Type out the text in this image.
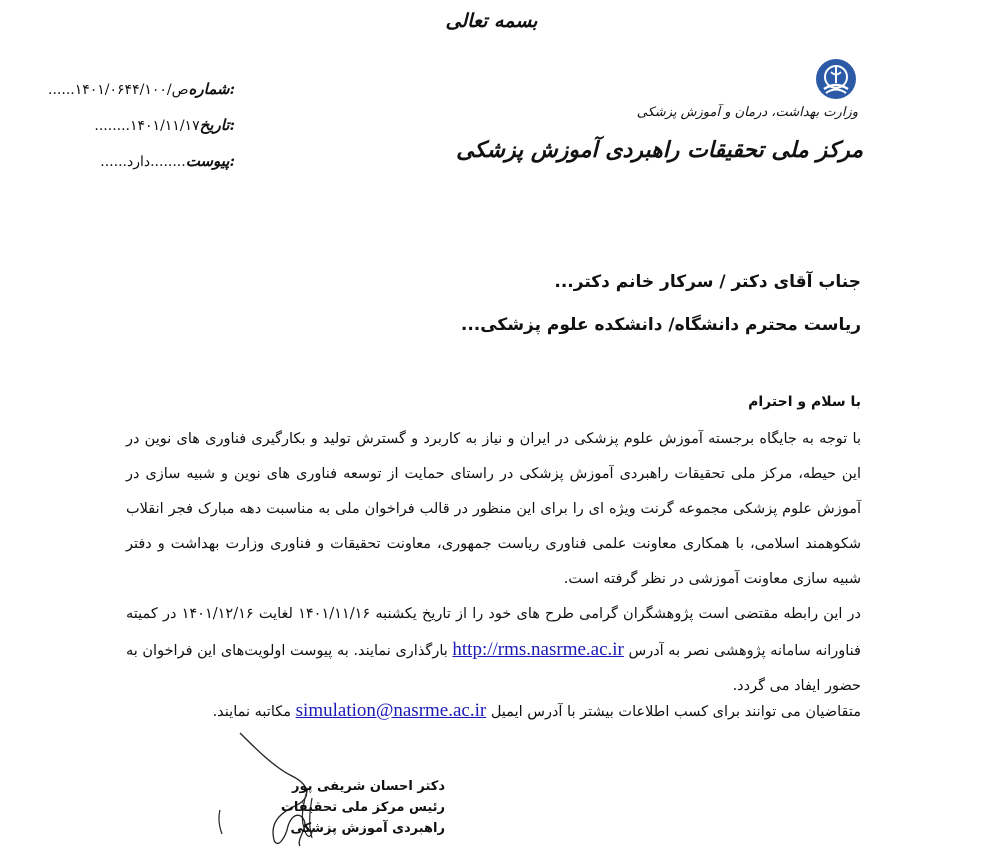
بسمه تعالی
شماره:
......۱۴۰۱/۰۶۴۴/ص/۱۰۰
تاریخ:
........۱۴۰۱/۱۱/۱۷
پیوست:
......دارد........
وزارت بهداشت، درمان و آموزش پزشکی
مرکز ملی تحقیقات راهبردی آموزش پزشکی
جناب آقای دکتر / سرکار خانم دکتر...
ریاست محترم دانشگاه/ دانشکده علوم پزشکی...
با سلام و احترام

با توجه به جایگاه برجسته آموزش علوم پزشکی در ایران و نیاز به کاربرد و گسترش تولید و بکارگیری فناوری های نوین در این حیطه، مرکز ملی تحقیقات راهبردی آموزش پزشکی در راستای حمایت از توسعه فناوری های نوین و شبیه سازی در آموزش علوم پزشکی مجموعه گرنت ویژه ای را برای این منظور در قالب فراخوان ملی به مناسبت دهه مبارک فجر انقلاب شکوهمند اسلامی، با همکاری معاونت علمی فناوری ریاست جمهوری، معاونت تحقیقات و فناوری وزارت بهداشت و دفتر شبیه سازی معاونت آموزشی در نظر گرفته است.

در این رابطه مقتضی است پژوهشگران گرامی طرح های خود را از تاریخ یکشنبه ۱۴۰۱/۱۱/۱۶ لغایت ۱۴۰۱/۱۲/۱۶ در کمیته فناورانه سامانه پژوهشی نصر به آدرس http://rms.nasrme.ac.ir بارگذاری نمایند. به پیوست اولویت‌های این فراخوان به حضور ایفاد می گردد.

متقاضیان می توانند برای کسب اطلاعات بیشتر با آدرس ایمیل simulation@nasrme.ac.ir مکاتبه نمایند.
دکتر احسان شریفی پور
رئیس مرکز ملی تحقیقات
راهبردی آموزش پزشکی
